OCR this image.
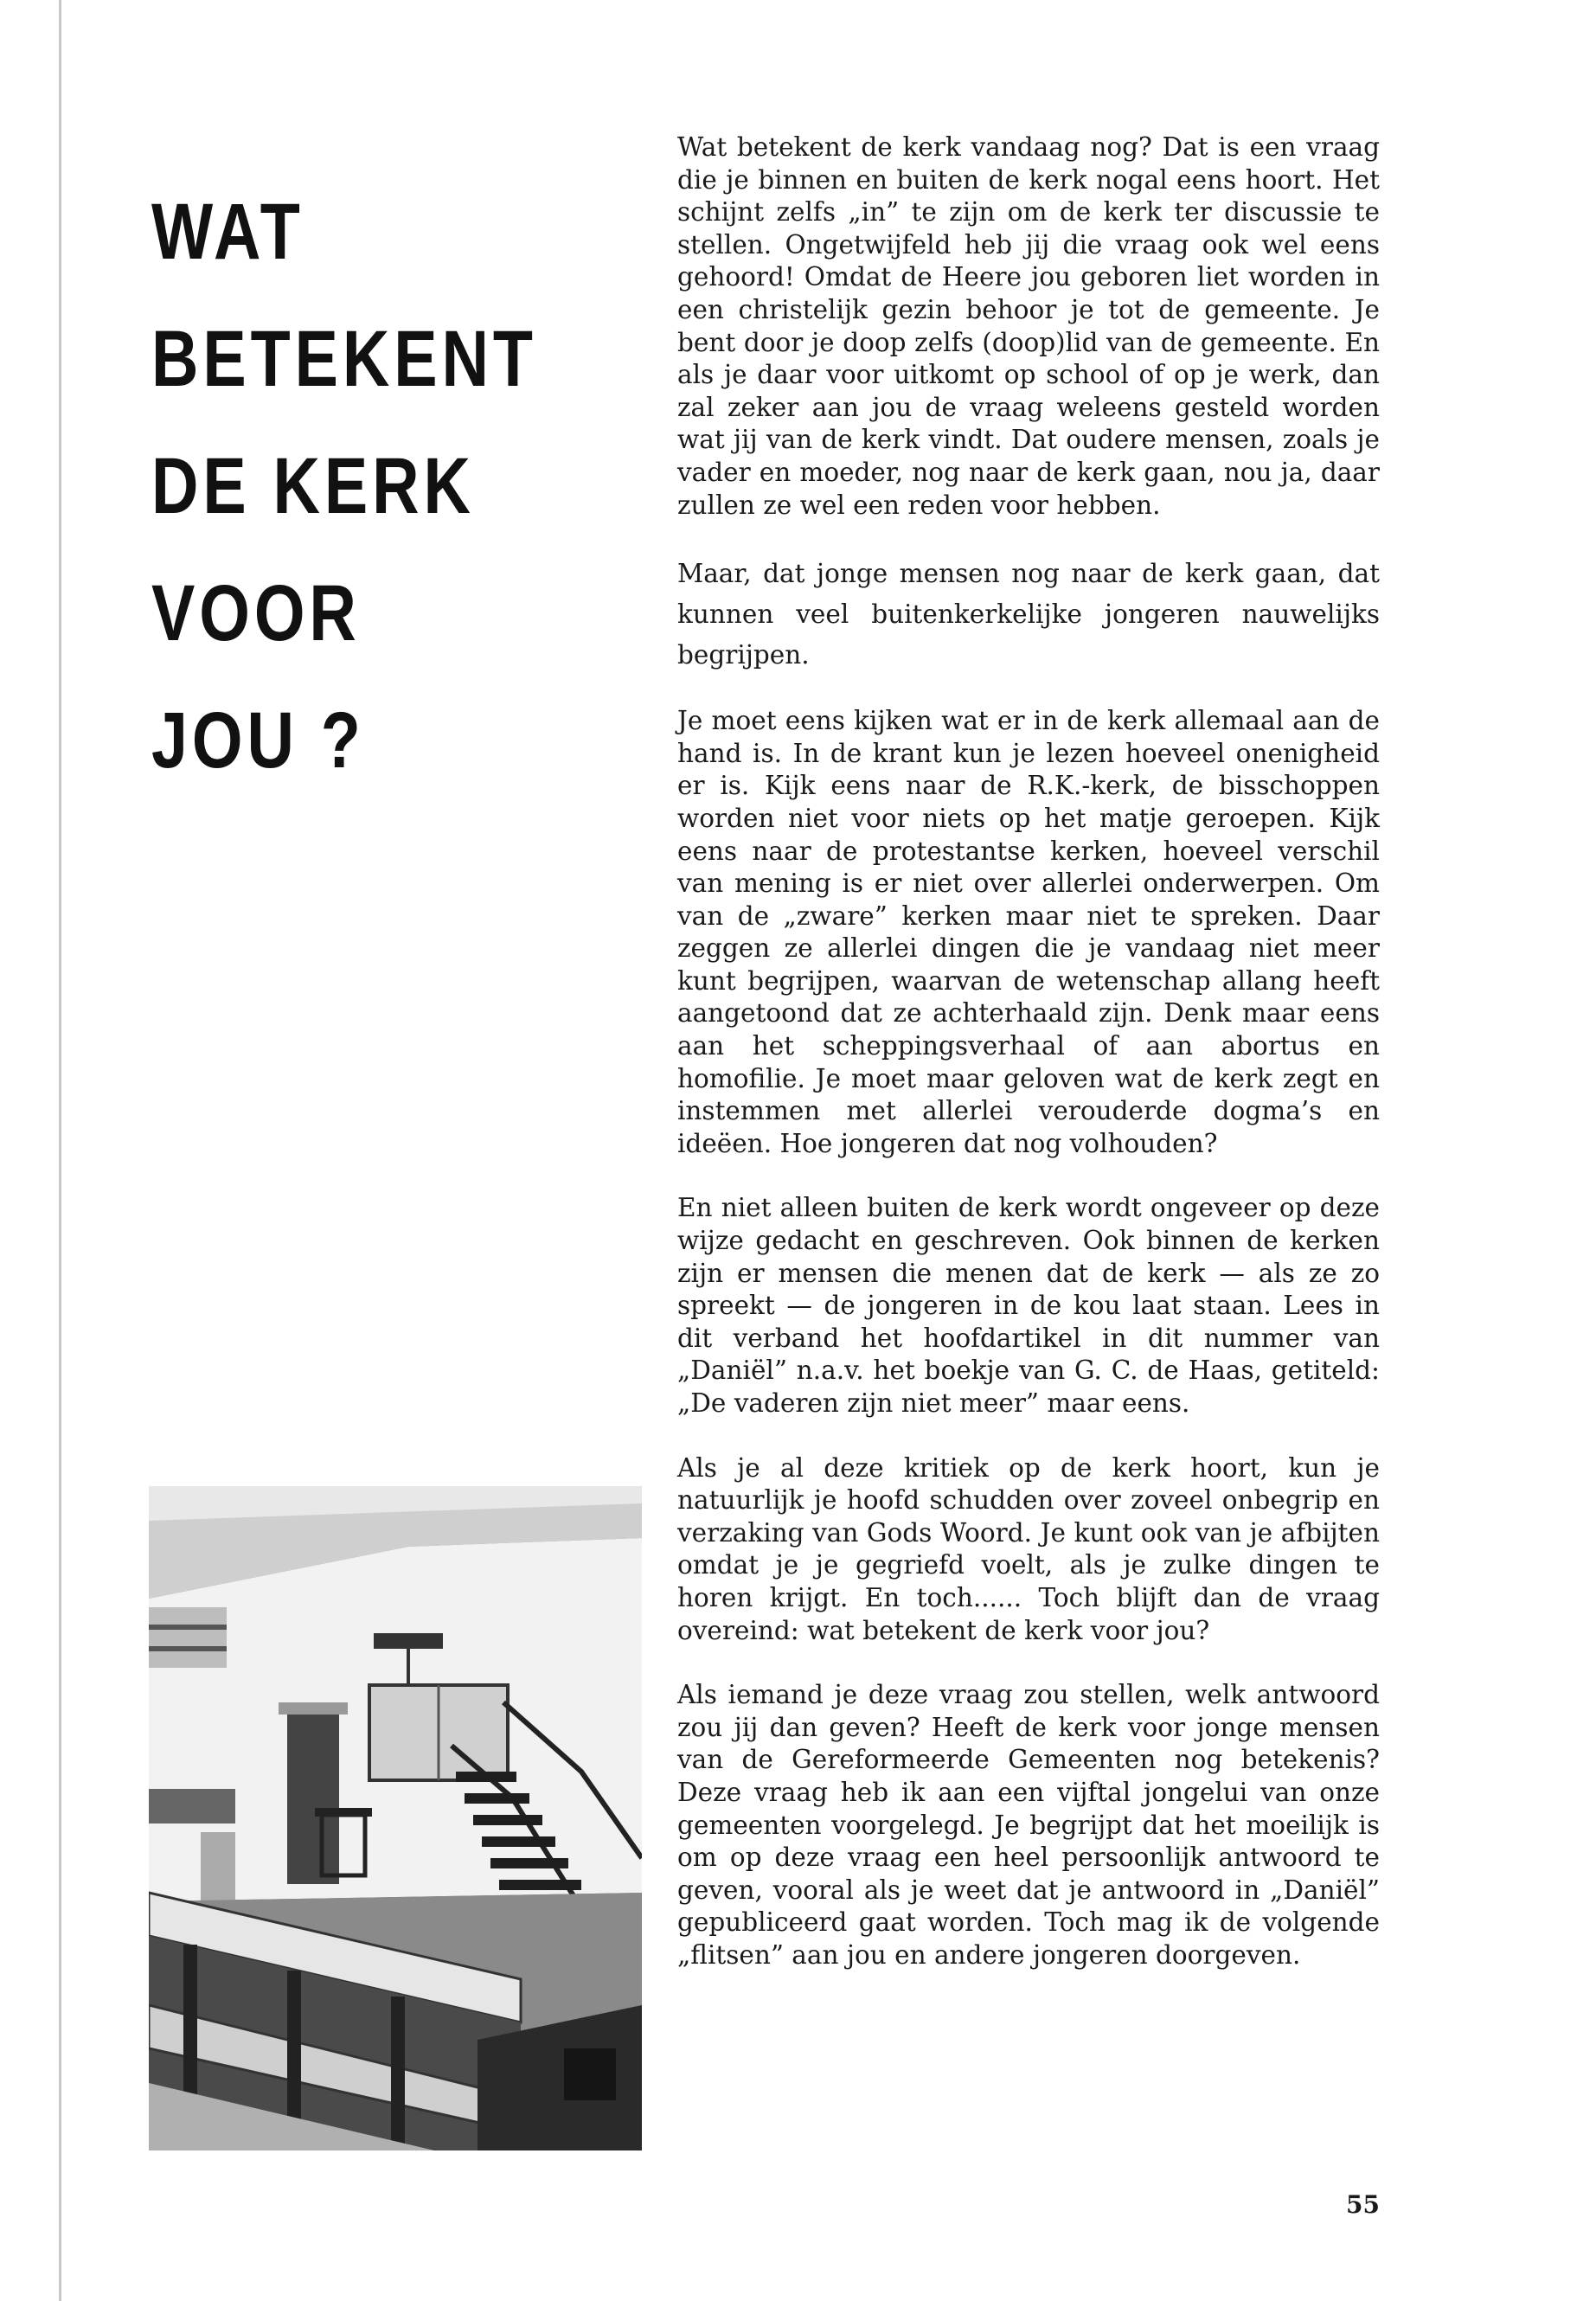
WAT
BETEKENT
DE KERK
VOOR
JOU ?

Wat betekent de kerk vandaag nog? Dat is een vraag die je binnen en buiten de kerk nogal eens hoort. Het schijnt zelfs „in” te zijn om de kerk ter discussie te stellen. Ongetwijfeld heb jij die vraag ook wel eens gehoord! Omdat de Heere jou geboren liet worden in een christelijk gezin behoor je tot de gemeente. Je bent door je doop zelfs (doop)lid van de gemeente. En als je daar voor uitkomt op school of op je werk, dan zal zeker aan jou de vraag weleens gesteld worden wat jij van de kerk vindt. Dat oudere mensen, zoals je vader en moeder, nog naar de kerk gaan, nou ja, daar zullen ze wel een reden voor hebben.

Maar, dat jonge mensen nog naar de kerk gaan, dat kunnen veel buitenkerkelijke jongeren nauwelijks begrijpen.

Je moet eens kijken wat er in de kerk allemaal aan de hand is. In de krant kun je lezen hoeveel onenigheid er is. Kijk eens naar de R.K.-kerk, de bisschoppen worden niet voor niets op het matje geroepen. Kijk eens naar de protestantse kerken, hoeveel verschil van mening is er niet over allerlei onderwerpen. Om van de „zware” kerken maar niet te spreken. Daar zeggen ze allerlei dingen die je vandaag niet meer kunt begrijpen, waarvan de wetenschap allang heeft aangetoond dat ze achterhaald zijn. Denk maar eens aan het scheppingsverhaal of aan abortus en homofilie. Je moet maar geloven wat de kerk zegt en instemmen met allerlei verouderde dogma’s en ideëen. Hoe jongeren dat nog volhouden?

En niet alleen buiten de kerk wordt ongeveer op deze wijze gedacht en geschreven. Ook binnen de kerken zijn er mensen die menen dat de kerk — als ze zo spreekt — de jongeren in de kou laat staan. Lees in dit verband het hoofdartikel in dit nummer van „Daniël” n.a.v. het boekje van G. C. de Haas, getiteld: „De vaderen zijn niet meer” maar eens.

Als je al deze kritiek op de kerk hoort, kun je natuurlijk je hoofd schudden over zoveel onbegrip en verzaking van Gods Woord. Je kunt ook van je afbijten omdat je je gegriefd voelt, als je zulke dingen te horen krijgt. En toch...... Toch blijft dan de vraag overeind: wat betekent de kerk voor jou?

Als iemand je deze vraag zou stellen, welk antwoord zou jij dan geven? Heeft de kerk voor jonge mensen van de Gereformeerde Gemeenten nog betekenis? Deze vraag heb ik aan een vijftal jongelui van onze gemeenten voorgelegd. Je begrijpt dat het moeilijk is om op deze vraag een heel persoonlijk antwoord te geven, vooral als je weet dat je antwoord in „Daniël” gepubliceerd gaat worden. Toch mag ik de volgende „flitsen” aan jou en andere jongeren doorgeven.

55
